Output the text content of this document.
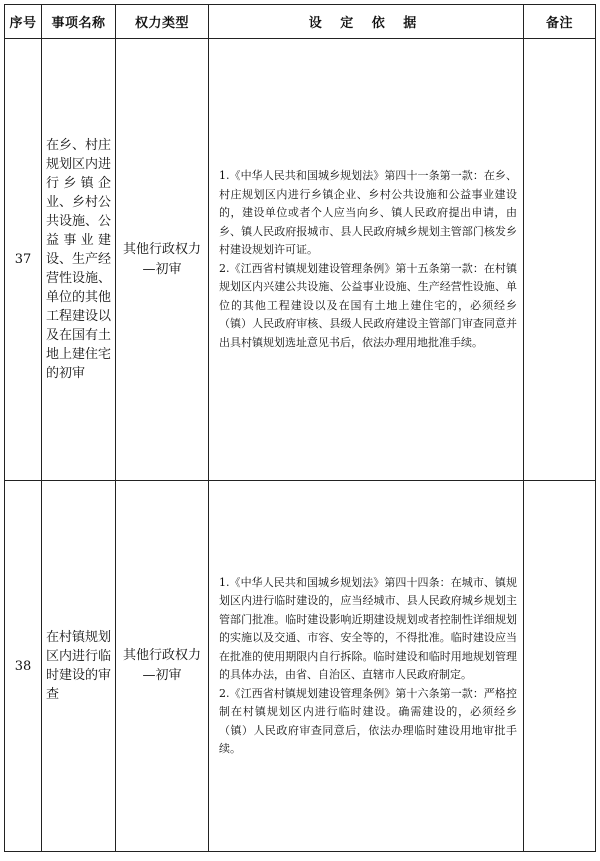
序号	事项名称	权力类型	设 定 依 据	备注
37	在乡、村庄规划区内进行乡镇企业、乡村公共设施、公益事业建设、生产经营性设施、单位的其他工程建设以及在国有土地上建住宅的初审	其他行政权力—初审	1.《中华人民共和国城乡规划法》第四十一条第一款：在乡、村庄规划区内进行乡镇企业、乡村公共设施和公益事业建设的，建设单位或者个人应当向乡、镇人民政府提出申请，由乡、镇人民政府报城市、县人民政府城乡规划主管部门核发乡村建设规划许可证。

2.《江西省村镇规划建设管理条例》第十五条第一款：在村镇规划区内兴建公共设施、公益事业设施、生产经营性设施、单位的其他工程建设以及在国有土地上建住宅的，必须经乡（镇）人民政府审核、县级人民政府建设主管部门审查同意并出具村镇规划选址意见书后，依法办理用地批准手续。	

38	在村镇规划区内进行临时建设的审查	其他行政权力—初审	1.《中华人民共和国城乡规划法》第四十四条：在城市、镇规划区内进行临时建设的，应当经城市、县人民政府城乡规划主管部门批准。临时建设影响近期建设规划或者控制性详细规划的实施以及交通、市容、安全等的，不得批准。临时建设应当在批准的使用期限内自行拆除。临时建设和临时用地规划管理的具体办法，由省、自治区、直辖市人民政府制定。

2.《江西省村镇规划建设管理条例》第十六条第一款：严格控制在村镇规划区内进行临时建设。确需建设的，必须经乡（镇）人民政府审查同意后，依法办理临时建设用地审批手续。	
